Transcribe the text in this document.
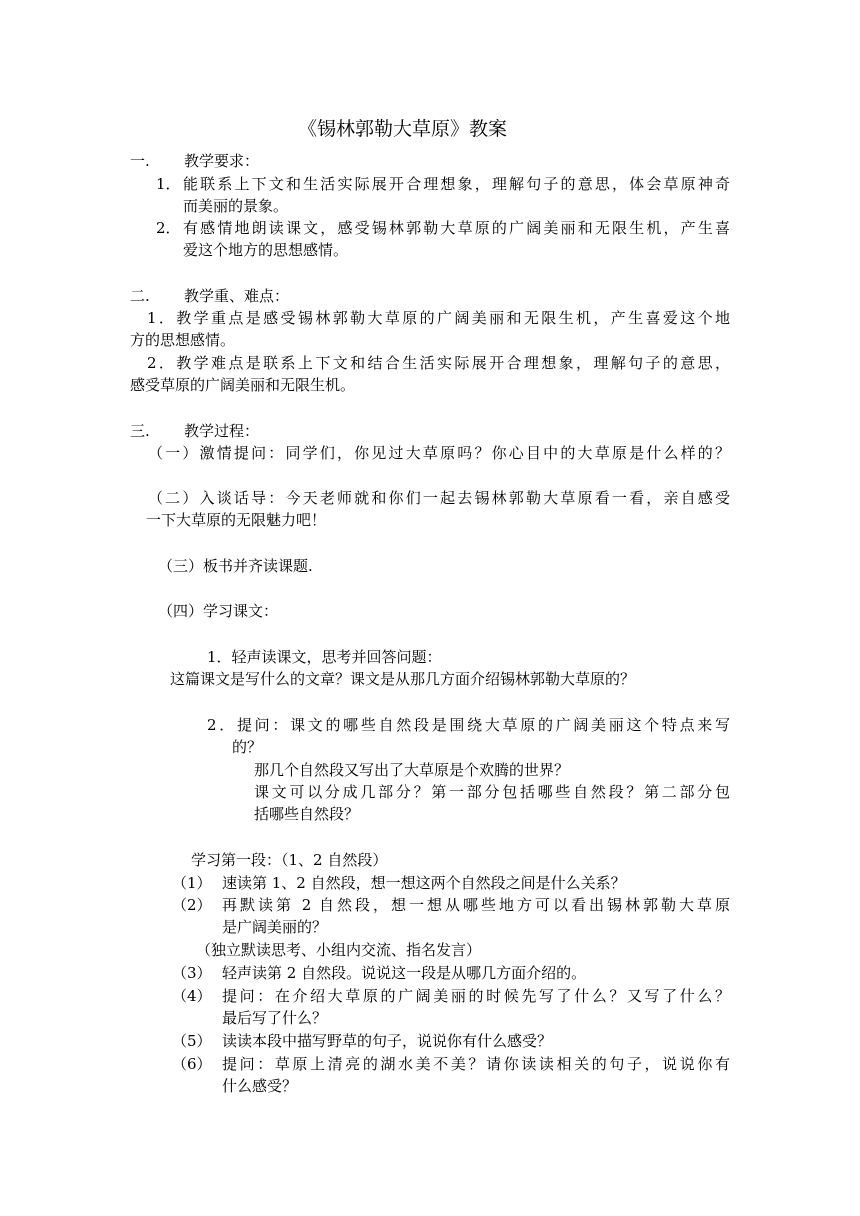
《锡林郭勒大草原》教案
一. 教学要求：
1． 能联系上下文和生活实际展开合理想象，理解句子的意思，体会草原神奇
而美丽的景象。
2． 有感情地朗读课文，感受锡林郭勒大草原的广阔美丽和无限生机，产生喜
爱这个地方的思想感情。
二. 教学重、难点：
1．教学重点是感受锡林郭勒大草原的广阔美丽和无限生机，产生喜爱这个地
方的思想感情。
2．教学难点是联系上下文和结合生活实际展开合理想象，理解句子的意思，
感受草原的广阔美丽和无限生机。
三. 教学过程：
（一）激情提问：同学们，你见过大草原吗？你心目中的大草原是什么样的？
（二）入谈话导：今天老师就和你们一起去锡林郭勒大草原看一看，亲自感受
一下大草原的无限魅力吧！
（三）板书并齐读课题.
（四）学习课文：
1．轻声读课文，思考并回答问题：
这篇课文是写什么的文章？课文是从那几方面介绍锡林郭勒大草原的？
2．提问：课文的哪些自然段是围绕大草原的广阔美丽这个特点来写
的？
那几个自然段又写出了大草原是个欢腾的世界？
课文可以分成几部分？第一部分包括哪些自然段？第二部分包
括哪些自然段？
学习第一段：（1、2 自然段）
（1） 速读第 1、2 自然段，想一想这两个自然段之间是什么关系？
（2） 再默读第 2 自然段，想一想从哪些地方可以看出锡林郭勒大草原
是广阔美丽的？
（独立默读思考、小组内交流、指名发言）
（3） 轻声读第 2 自然段。说说这一段是从哪几方面介绍的。
（4） 提问：在介绍大草原的广阔美丽的时候先写了什么？又写了什么？
最后写了什么？
（5） 读读本段中描写野草的句子，说说你有什么感受？
（6） 提问：草原上清亮的湖水美不美？请你读读相关的句子，说说你有
什么感受？
